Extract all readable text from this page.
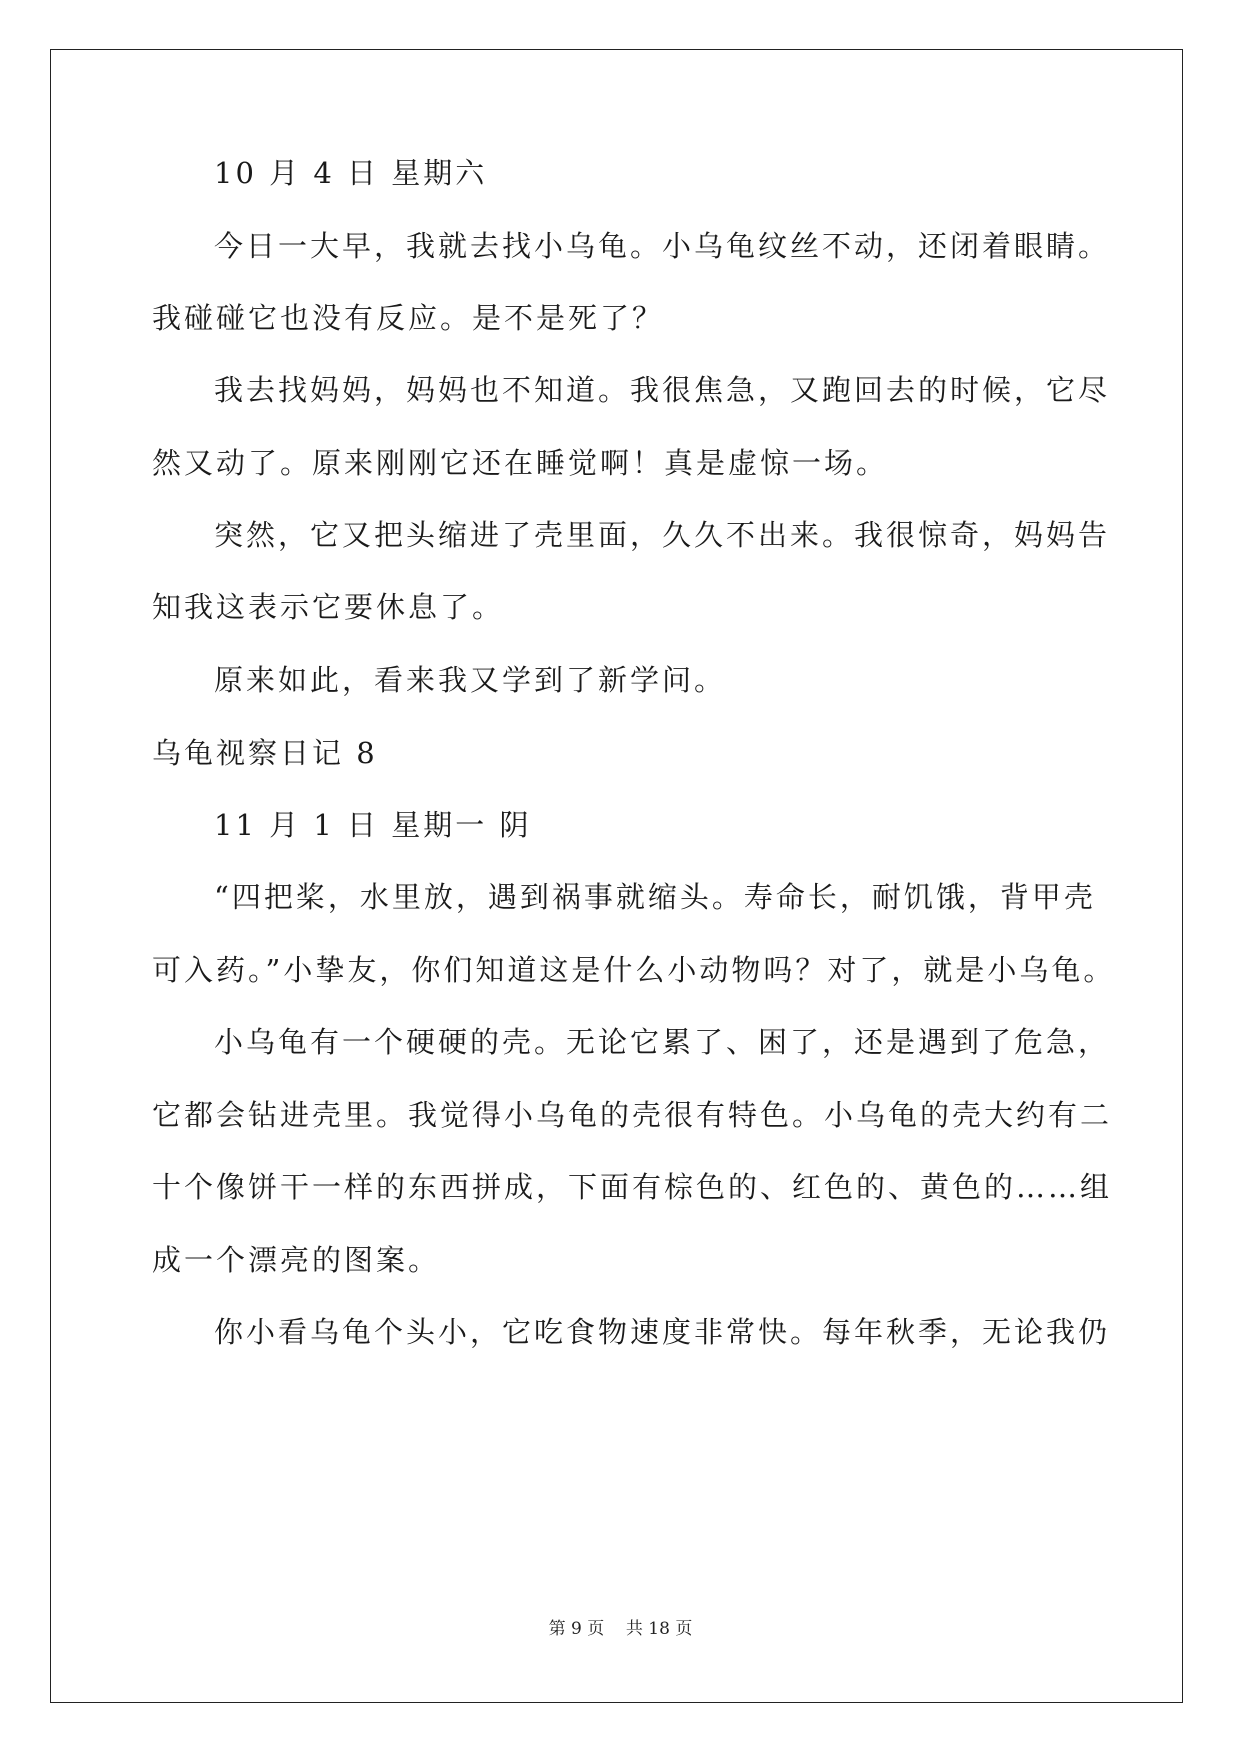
10 月 4 日 星期六
今日一大早，我就去找小乌龟。小乌龟纹丝不动，还闭着眼睛。
我碰碰它也没有反应。是不是死了？
我去找妈妈，妈妈也不知道。我很焦急，又跑回去的时候，它尽
然又动了。原来刚刚它还在睡觉啊！真是虚惊一场。
突然，它又把头缩进了壳里面，久久不出来。我很惊奇，妈妈告
知我这表示它要休息了。
原来如此，看来我又学到了新学问。
乌龟视察日记 8
11 月 1 日 星期一 阴
“四把桨，水里放，遇到祸事就缩头。寿命长，耐饥饿，背甲壳
可入药。”小挚友，你们知道这是什么小动物吗？对了，就是小乌龟。
小乌龟有一个硬硬的壳。无论它累了、困了，还是遇到了危急，
它都会钻进壳里。我觉得小乌龟的壳很有特色。小乌龟的壳大约有二
十个像饼干一样的东西拼成，下面有棕色的、红色的、黄色的……组
成一个漂亮的图案。
你小看乌龟个头小，它吃食物速度非常快。每年秋季，无论我仍
第 9 页 共 18 页
